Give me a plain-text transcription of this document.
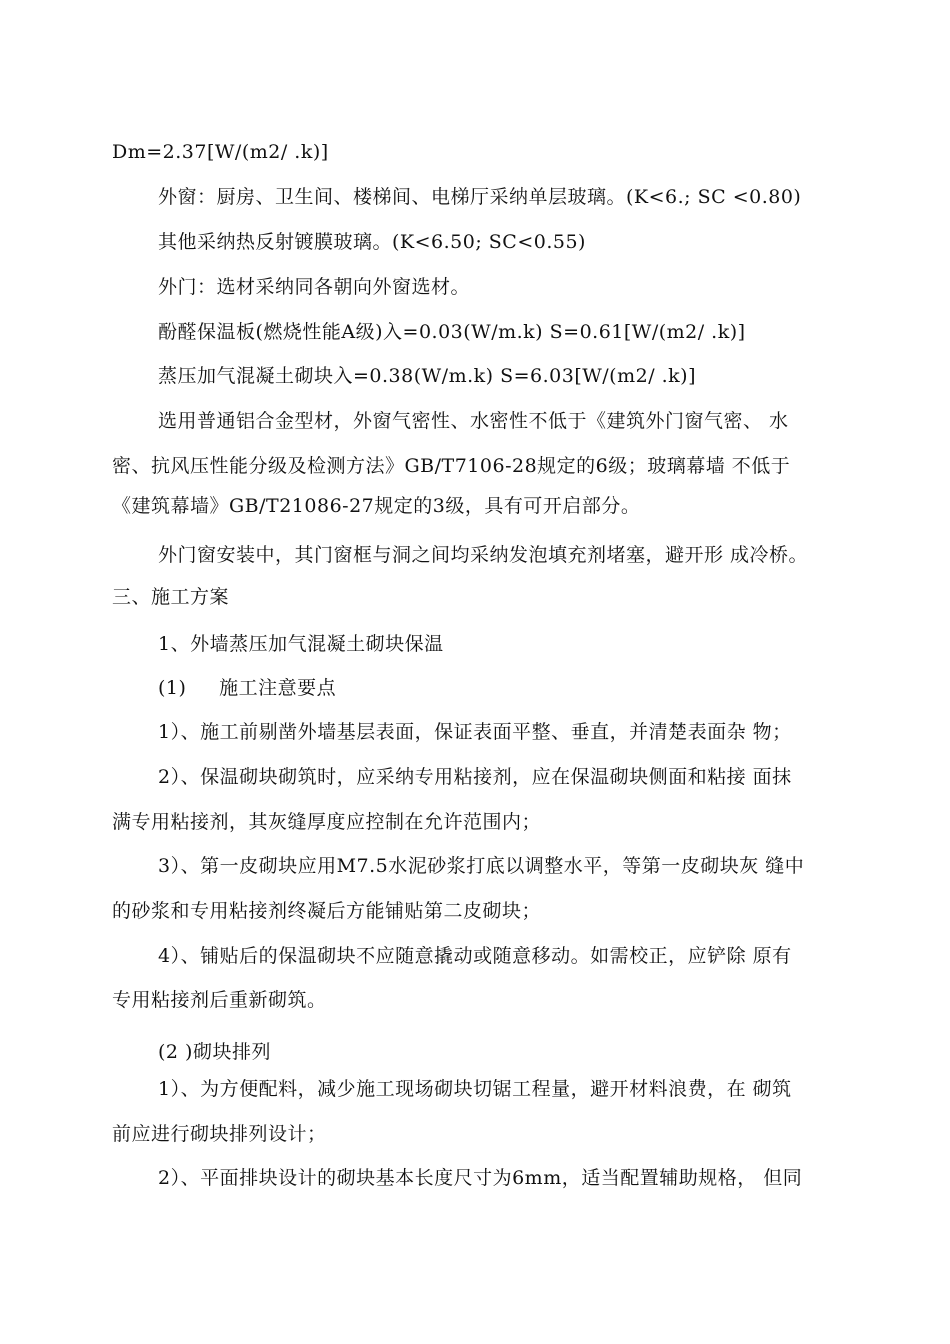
Dm=2.37[W/(m2/ .k)]
外窗：厨房、卫生间、楼梯间、电梯厅采纳单层玻璃。(K<6.; SC <0.80)
其他采纳热反射镀膜玻璃。(K<6.50; SC<0.55)
外门：选材采纳同各朝向外窗选材。
酚醛保温板(燃烧性能A级)入=0.03(W/m.k) S=0.61[W/(m2/ .k)]
蒸压加气混凝土砌块入=0.38(W/m.k) S=6.03[W/(m2/ .k)]
选用普通铝合金型材，外窗气密性、水密性不低于《建筑外门窗气密、 水
密、抗风压性能分级及检测方法》GB/T7106-28规定的6级；玻璃幕墙 不低于
《建筑幕墙》GB/T21086-27规定的3级，具有可开启部分。
外门窗安装中，其门窗框与洞之间均采纳发泡填充剂堵塞，避开形 成冷桥。
三、施工方案
1、外墙蒸压加气混凝土砌块保温
(1)     施工注意要点
1）、施工前剔凿外墙基层表面，保证表面平整、垂直，并清楚表面杂 物；
2）、保温砌块砌筑时，应采纳专用粘接剂，应在保温砌块侧面和粘接 面抹
满专用粘接剂，其灰缝厚度应控制在允许范围内；
3）、第一皮砌块应用M7.5水泥砂浆打底以调整水平，等第一皮砌块灰 缝中
的砂浆和专用粘接剂终凝后方能铺贴第二皮砌块；
4）、铺贴后的保温砌块不应随意撬动或随意移动。如需校正，应铲除 原有
专用粘接剂后重新砌筑。
(2 )砌块排列
1）、为方便配料，减少施工现场砌块切锯工程量，避开材料浪费，在 砌筑
前应进行砌块排列设计；
2）、平面排块设计的砌块基本长度尺寸为6mm，适当配置辅助规格， 但同
